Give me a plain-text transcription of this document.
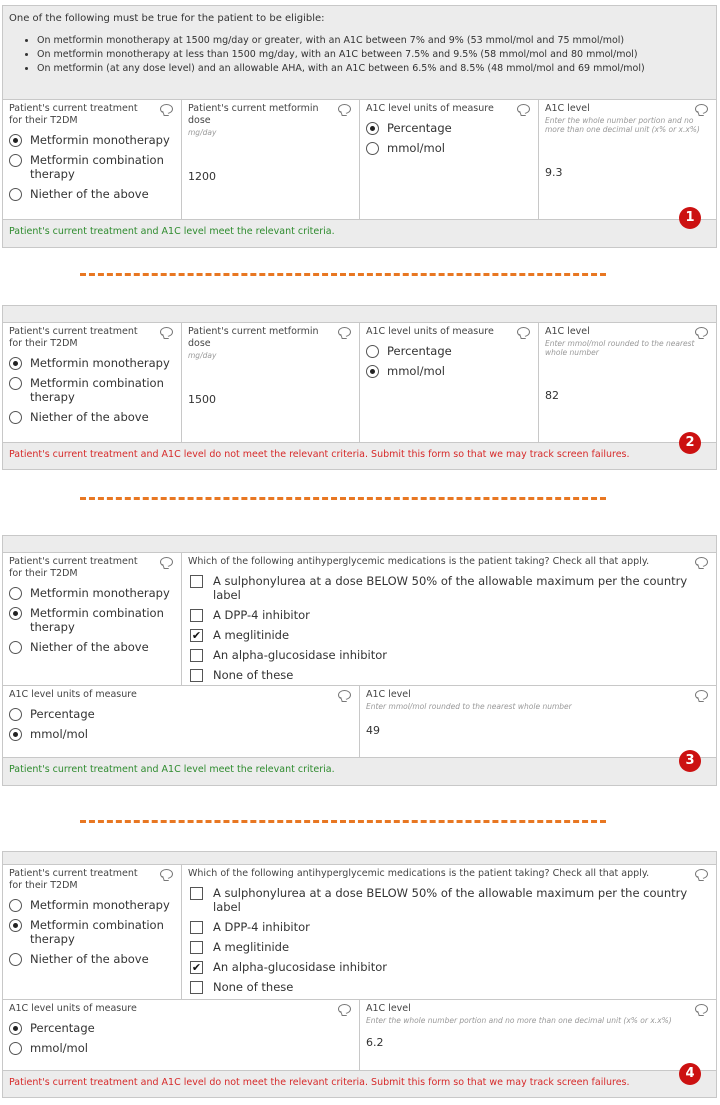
One of the following must be true for the patient to be eligible:
• On metformin monotherapy at 1500 mg/day or greater, with an A1C between 7% and 9% (53 mmol/mol and 75 mmol/mol)
• On metformin monotherapy at less than 1500 mg/day, with an A1C between 7.5% and 9.5% (58 mmol/mol and 80 mmol/mol)
• On metformin (at any dose level) and an allowable AHA, with an A1C between 6.5% and 8.5% (48 mmol/mol and 69 mmol/mol)
Patient's current treatment for their T2DM
Metformin monotherapy
Metformin combination therapy
Niether of the above
Patient's current metformin dose
mg/day
1200
A1C level units of measure
Percentage
mmol/mol
A1C level
Enter the whole number portion and no more than one decimal unit (x% or x.x%)
9.3
Patient's current treatment and A1C level meet the relevant criteria.
1
Patient's current treatment for their T2DM
Metformin monotherapy
Metformin combination therapy
Niether of the above
Patient's current metformin dose
mg/day
1500
A1C level units of measure
Percentage
mmol/mol
A1C level
Enter mmol/mol rounded to the nearest whole number
82
Patient's current treatment and A1C level do not meet the relevant criteria. Submit this form so that we may track screen failures.
2
Patient's current treatment for their T2DM
Metformin monotherapy
Metformin combination therapy
Niether of the above
Which of the following antihyperglycemic medications is the patient taking? Check all that apply.
A sulphonylurea at a dose BELOW 50% of the allowable maximum per the country label
A DPP-4 inhibitor
✔ A meglitinide
An alpha-glucosidase inhibitor
None of these
A1C level units of measure
Percentage
mmol/mol
A1C level
Enter mmol/mol rounded to the nearest whole number
49
Patient's current treatment and A1C level meet the relevant criteria.
3
Patient's current treatment for their T2DM
Metformin monotherapy
Metformin combination therapy
Niether of the above
Which of the following antihyperglycemic medications is the patient taking? Check all that apply.
A sulphonylurea at a dose BELOW 50% of the allowable maximum per the country label
A DPP-4 inhibitor
A meglitinide
✔ An alpha-glucosidase inhibitor
None of these
A1C level units of measure
Percentage
mmol/mol
A1C level
Enter the whole number portion and no more than one decimal unit (x% or x.x%)
6.2
Patient's current treatment and A1C level do not meet the relevant criteria. Submit this form so that we may track screen failures.
4
